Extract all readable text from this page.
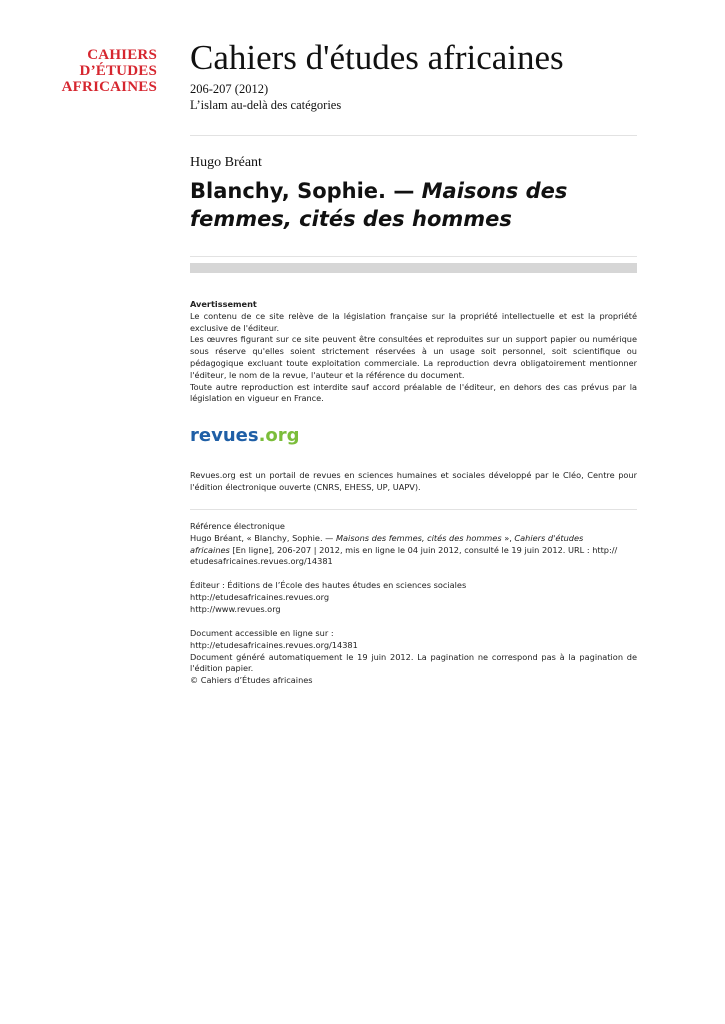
CAHIERS
D’ÉTUDES
AFRICAINES
Cahiers d'études africaines
206-207 (2012)
L’islam au-delà des catégories
Hugo Bréant
Blanchy, Sophie. — Maisons des femmes, cités des hommes

Avertissement

Le contenu de ce site relève de la législation française sur la propriété intellectuelle et est la propriété exclusive de l'éditeur.

Les œuvres figurant sur ce site peuvent être consultées et reproduites sur un support papier ou numérique sous réserve qu'elles soient strictement réservées à un usage soit personnel, soit scientifique ou pédagogique excluant toute exploitation commerciale. La reproduction devra obligatoirement mentionner l'éditeur, le nom de la revue, l'auteur et la référence du document.

Toute autre reproduction est interdite sauf accord préalable de l'éditeur, en dehors des cas prévus par la législation en vigueur en France.

revues.org
Revues.org est un portail de revues en sciences humaines et sociales développé par le Cléo, Centre pour l'édition électronique ouverte (CNRS, EHESS, UP, UAPV).
Référence électronique
Hugo Bréant, « Blanchy, Sophie. — Maisons des femmes, cités des hommes », Cahiers d'études
africaines [En ligne], 206-207 | 2012, mis en ligne le 04 juin 2012, consulté le 19 juin 2012. URL : http://
etudesafricaines.revues.org/14381
Éditeur : Éditions de l’École des hautes études en sciences sociales
http://etudesafricaines.revues.org
http://www.revues.org
Document accessible en ligne sur :
http://etudesafricaines.revues.org/14381
Document généré automatiquement le 19 juin 2012. La pagination ne correspond pas à la pagination de l'édition papier.
© Cahiers d’Études africaines
